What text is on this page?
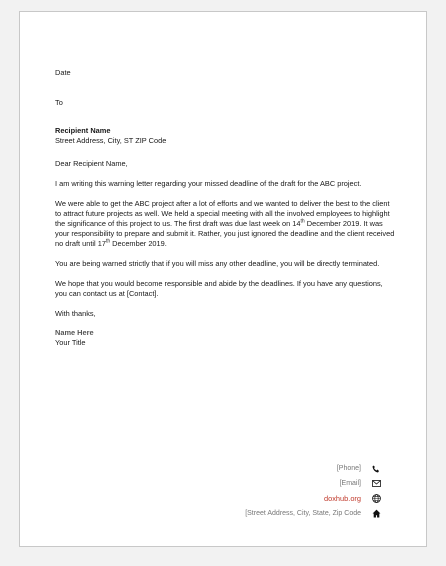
Date

To

Recipient Name

Street Address, City, ST ZIP Code

Dear Recipient Name,

I am writing this warning letter regarding your missed deadline of the draft for the ABC project.

We were able to get the ABC project after a lot of efforts and we wanted to deliver the best to the client to attract future projects as well. We held a special meeting with all the involved employees to highlight the significance of this project to us. The first draft was due last week on 14th December 2019. It was your responsibility to prepare and submit it. Rather, you just ignored the deadline and the client received no draft until 17th December 2019.

You are being warned strictly that if you will miss any other deadline, you will be directly terminated.

We hope that you would become responsible and abide by the deadlines. If you have any questions, you can contact us at [Contact].

With thanks,

Name Here

Your Title

[Phone]
[Email]
doxhub.org
[Street Address, City, State, Zip Code
